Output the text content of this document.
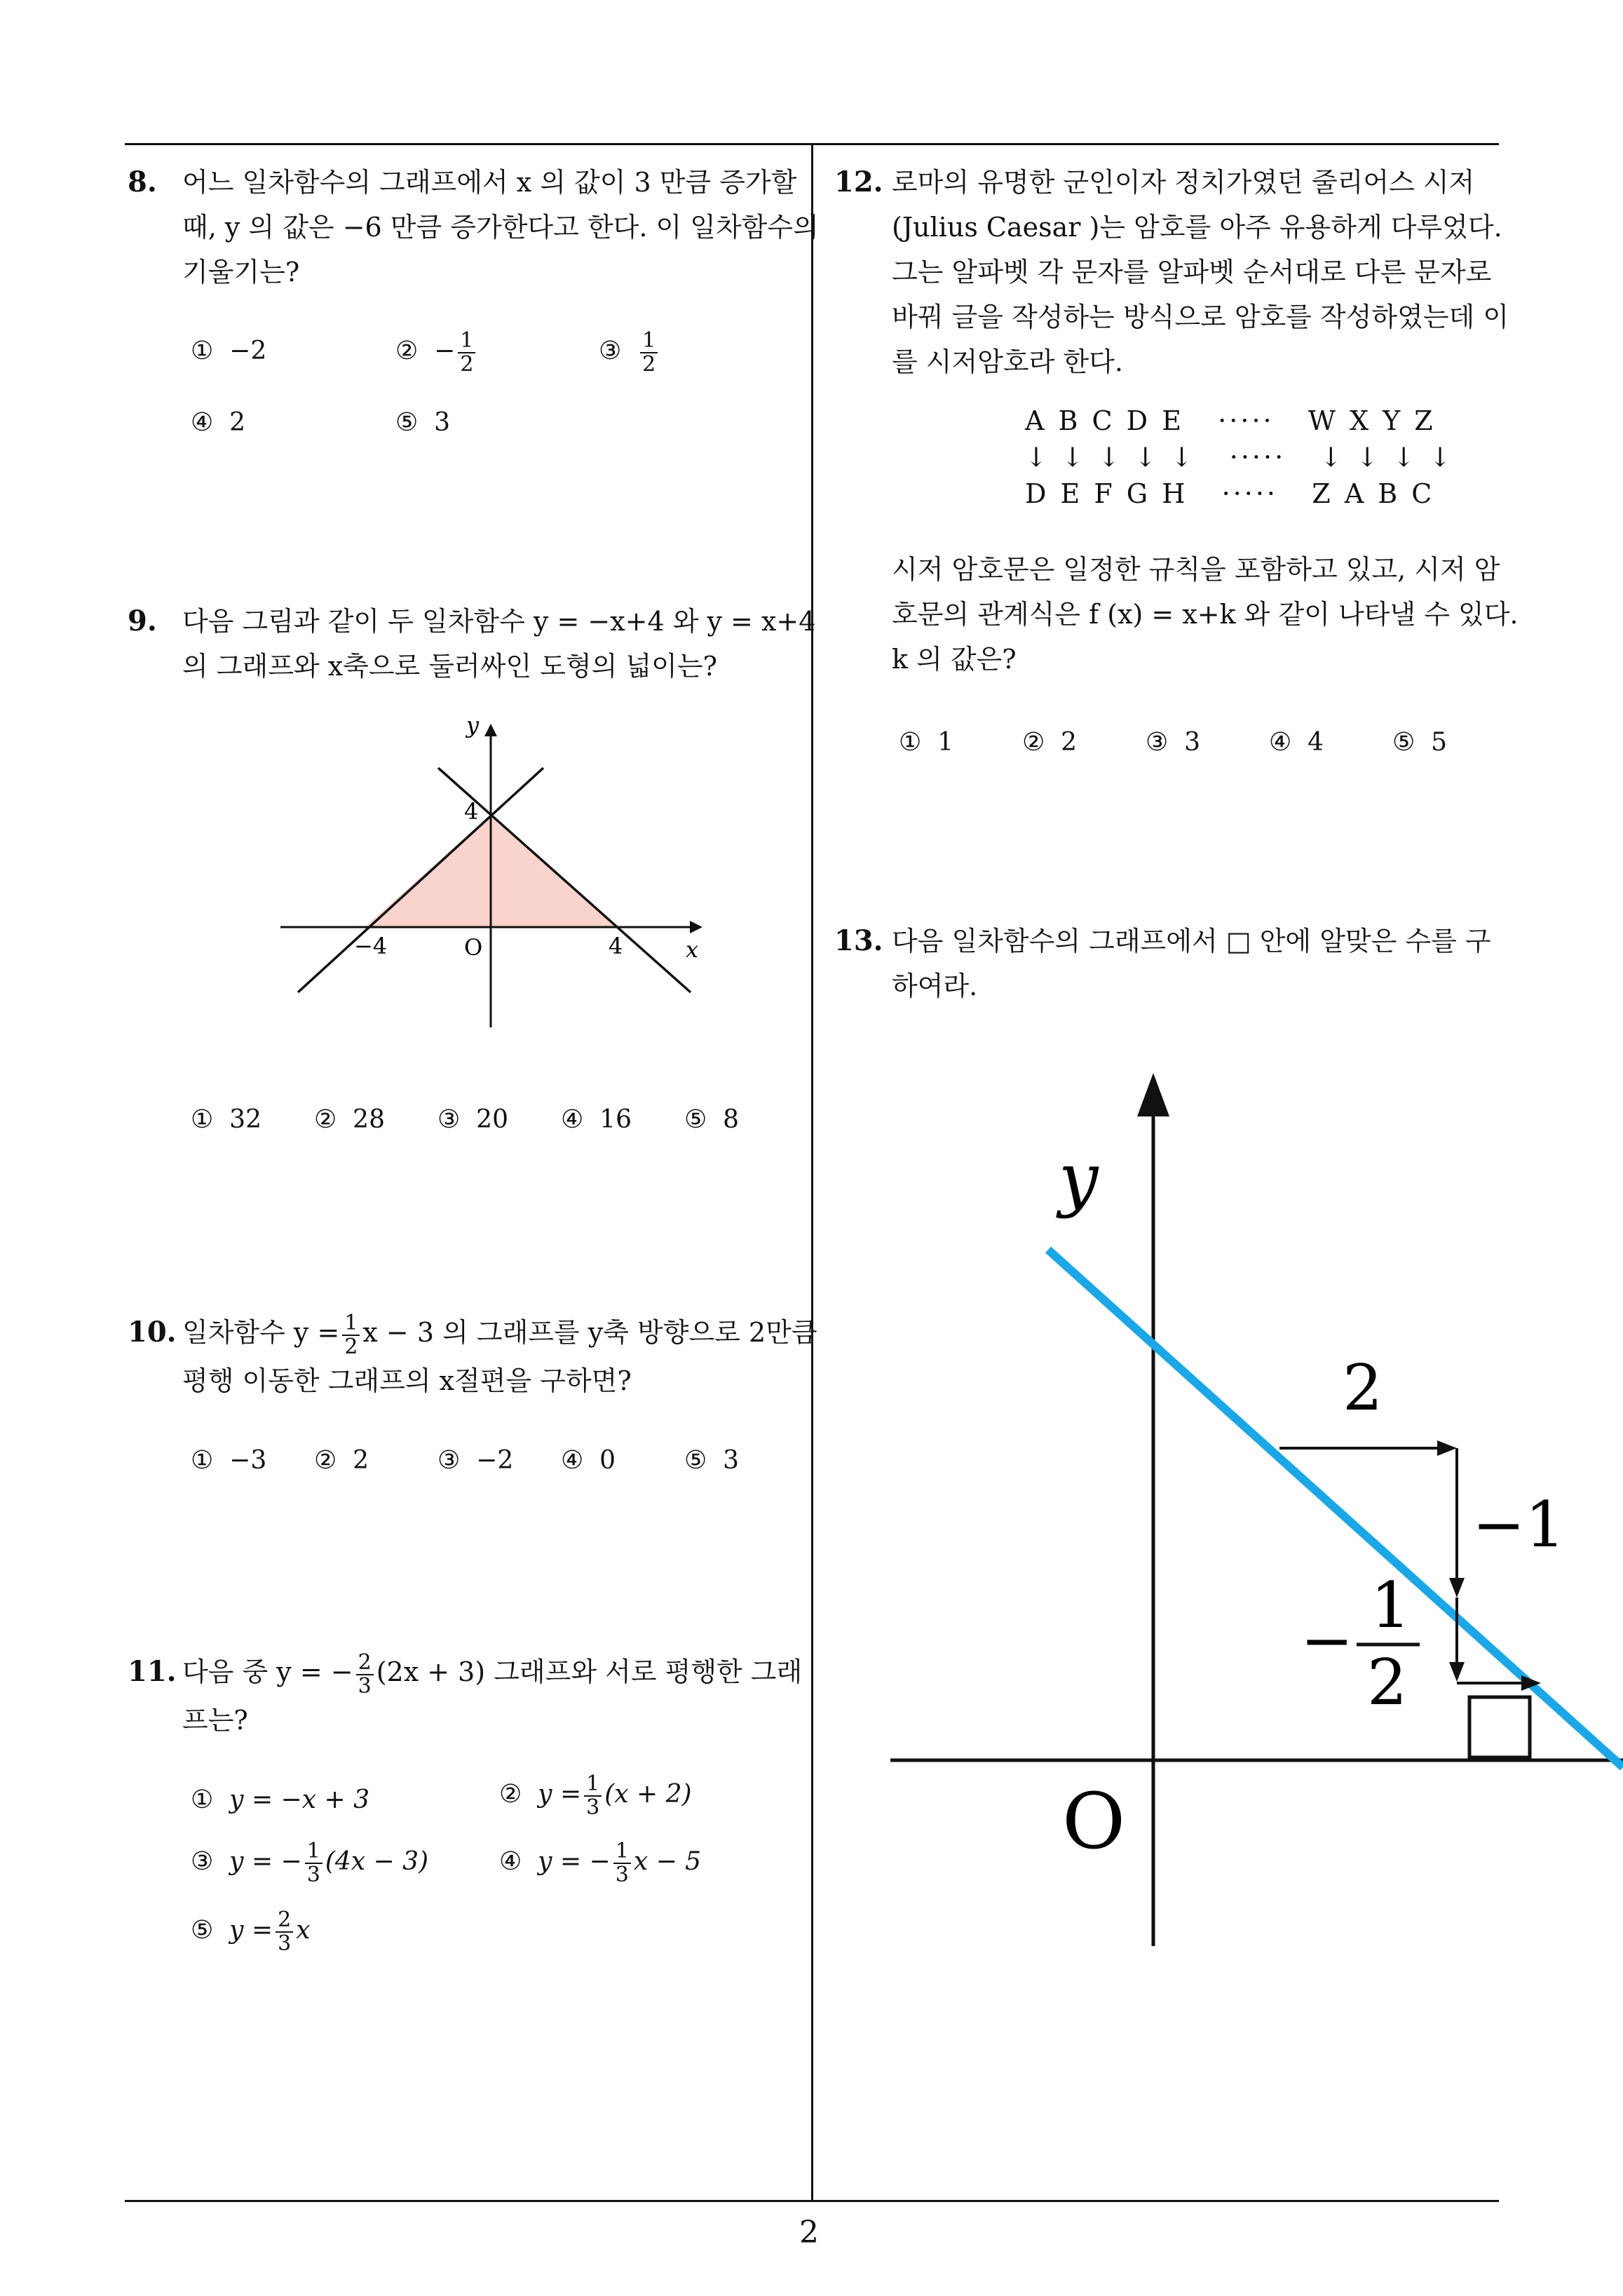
2
8. 어느 일차함수의 그래프에서 x 의 값이 3 만큼 증가할
때, y 의 값은 −6 만큼 증가한다고 한다. 이 일차함수의
기울기는?
① −2	② − $\frac{1}{2}$	③ $\frac{1}{2}$
④ 2	⑤ 3
9. 다음 그림과 같이 두 일차함수 y = −x+4 와 y = x+4
의 그래프와 x축으로 둘러싸인 도형의 넓이는?
y
x
O
4
−4	4
① 32 ② 28 ③ 20 ④ 16 ⑤ 8
10. 일차함수 $y = \frac{1}{2}$ x − 3 의 그래프를 y축 방향으로 2만큼
평행 이동한 그래프의 x절편을 구하면?
① −3 ② 2	③ −2 ④ 0	⑤ 3
11. 다음 중 y = − $\frac{2}{3} (2x + 3)$ 그래프와 서로 평행한 그래
프는?
① y = −x + 3	② $y = \frac{1}{3} (x + 2)$
③ y = − $\frac{1}{3} (4x - 3)$	④ y = − $\frac{1}{3}$ x − 5
⑤ $y = \frac{2}{3}$ x
12. 로마의 유명한 군인이자 정치가였던 줄리어스 시저
(Julius Caesar )는 암호를 아주 유용하게 다루었다.
그는 알파벳 각 문자를 알파벳 순서대로 다른 문자로
바꿔 글을 작성하는 방식으로 암호를 작성하였는데 이
를 시저암호라 한다.
A B C D E   ·····   W X Y Z
↓ ↓ ↓ ↓ ↓   ·····   ↓ ↓ ↓ ↓
D E F G H   ·····   Z A B C
시저 암호문은 일정한 규칙을 포함하고 있고, 시저 암
호문의 관계식은 f (x) = x+k 와 같이 나타낼 수 있다.
k 의 값은?
① 1	② 2	③ 3	④ 4	⑤ 5
13. 다음 일차함수의 그래프에서 □ 안에 알맞은 수를 구
하여라.
y
O
2
−1
− 1
2
